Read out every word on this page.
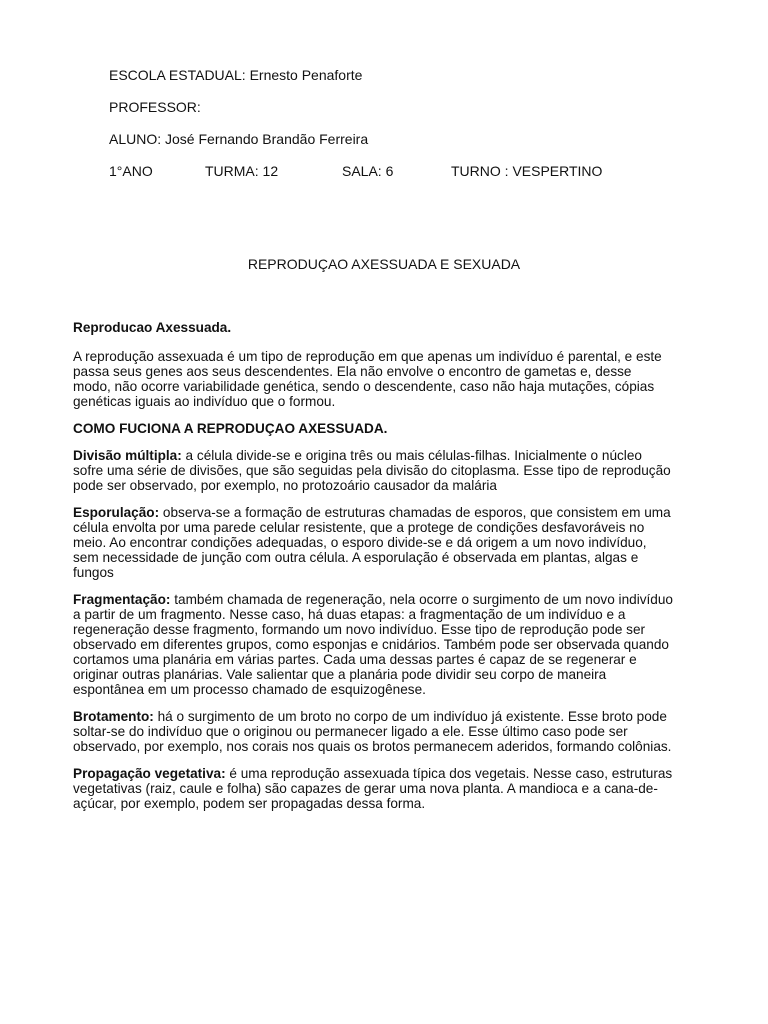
ESCOLA ESTADUAL: Ernesto Penaforte
PROFESSOR:
ALUNO: José Fernando Brandão Ferreira
1°ANO	TURMA: 12	SALA: 6	TURNO : VESPERTINO
REPRODUÇAO AXESSUADA E SEXUADA

Reproducao Axessuada.

A reprodução assexuada é um tipo de reprodução em que apenas um indivíduo é parental, e este passa seus genes aos seus descendentes. Ela não envolve o encontro de gametas e, desse modo, não ocorre variabilidade genética, sendo o descendente, caso não haja mutações, cópias genéticas iguais ao indivíduo que o formou.

COMO FUCIONA A REPRODUÇAO AXESSUADA.

Divisão múltipla: a célula divide-se e origina três ou mais células-filhas. Inicialmente o núcleo sofre uma série de divisões, que são seguidas pela divisão do citoplasma. Esse tipo de reprodução pode ser observado, por exemplo, no protozoário causador da malária

Esporulação: observa-se a formação de estruturas chamadas de esporos, que consistem em uma célula envolta por uma parede celular resistente, que a protege de condições desfavoráveis no meio. Ao encontrar condições adequadas, o esporo divide-se e dá origem a um novo indivíduo, sem necessidade de junção com outra célula. A esporulação é observada em plantas, algas e fungos

Fragmentação: também chamada de regeneração, nela ocorre o surgimento de um novo indivíduo a partir de um fragmento. Nesse caso, há duas etapas: a fragmentação de um indivíduo e a regeneração desse fragmento, formando um novo indivíduo. Esse tipo de reprodução pode ser observado em diferentes grupos, como esponjas e cnidários. Também pode ser observada quando cortamos uma planária em várias partes. Cada uma dessas partes é capaz de se regenerar e originar outras planárias. Vale salientar que a planária pode dividir seu corpo de maneira espontânea em um processo chamado de esquizogênese.

Brotamento: há o surgimento de um broto no corpo de um indivíduo já existente. Esse broto pode soltar-se do indivíduo que o originou ou permanecer ligado a ele. Esse último caso pode ser observado, por exemplo, nos corais nos quais os brotos permanecem aderidos, formando colônias.

Propagação vegetativa: é uma reprodução assexuada típica dos vegetais. Nesse caso, estruturas vegetativas (raiz, caule e folha) são capazes de gerar uma nova planta. A mandioca e a cana-de-açúcar, por exemplo, podem ser propagadas dessa forma.
